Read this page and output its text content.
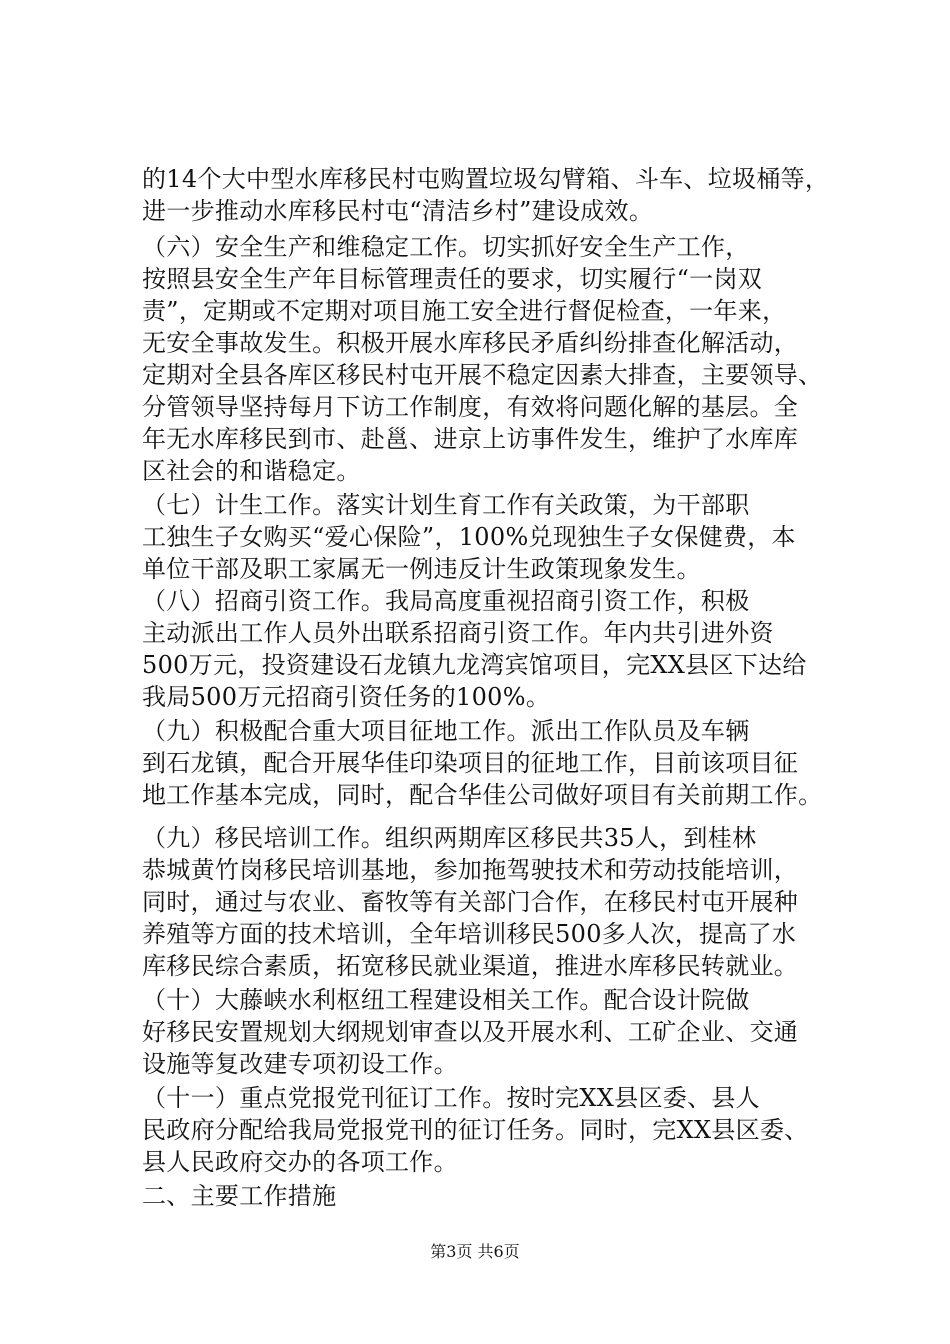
的14个大中型水库移民村屯购置垃圾勾臂箱、斗车、垃圾桶等，
进一步推动水库移民村屯“清洁乡村”建设成效。
（六）安全生产和维稳定工作。切实抓好安全生产工作，
按照县安全生产年目标管理责任的要求，切实履行“一岗双
责”，定期或不定期对项目施工安全进行督促检查，一年来，
无安全事故发生。积极开展水库移民矛盾纠纷排查化解活动，
定期对全县各库区移民村屯开展不稳定因素大排查，主要领导、
分管领导坚持每月下访工作制度，有效将问题化解的基层。全
年无水库移民到市、赴邕、进京上访事件发生，维护了水库库
区社会的和谐稳定。
（七）计生工作。落实计划生育工作有关政策，为干部职
工独生子女购买“爱心保险”，100%兑现独生子女保健费，本
单位干部及职工家属无一例违反计生政策现象发生。
（八）招商引资工作。我局高度重视招商引资工作，积极
主动派出工作人员外出联系招商引资工作。年内共引进外资
500万元，投资建设石龙镇九龙湾宾馆项目，完XX县区下达给
我局500万元招商引资任务的100%。
（九）积极配合重大项目征地工作。派出工作队员及车辆
到石龙镇，配合开展华佳印染项目的征地工作，目前该项目征
地工作基本完成，同时，配合华佳公司做好项目有关前期工作。
（九）移民培训工作。组织两期库区移民共35人，到桂林
恭城黄竹岗移民培训基地，参加拖驾驶技术和劳动技能培训，
同时，通过与农业、畜牧等有关部门合作，在移民村屯开展种
养殖等方面的技术培训，全年培训移民500多人次，提高了水
库移民综合素质，拓宽移民就业渠道，推进水库移民转就业。
（十）大藤峡水利枢纽工程建设相关工作。配合设计院做
好移民安置规划大纲规划审查以及开展水利、工矿企业、交通
设施等复改建专项初设工作。
（十一）重点党报党刊征订工作。按时完XX县区委、县人
民政府分配给我局党报党刊的征订任务。同时，完XX县区委、
县人民政府交办的各项工作。
二、主要工作措施
第3页 共6页
